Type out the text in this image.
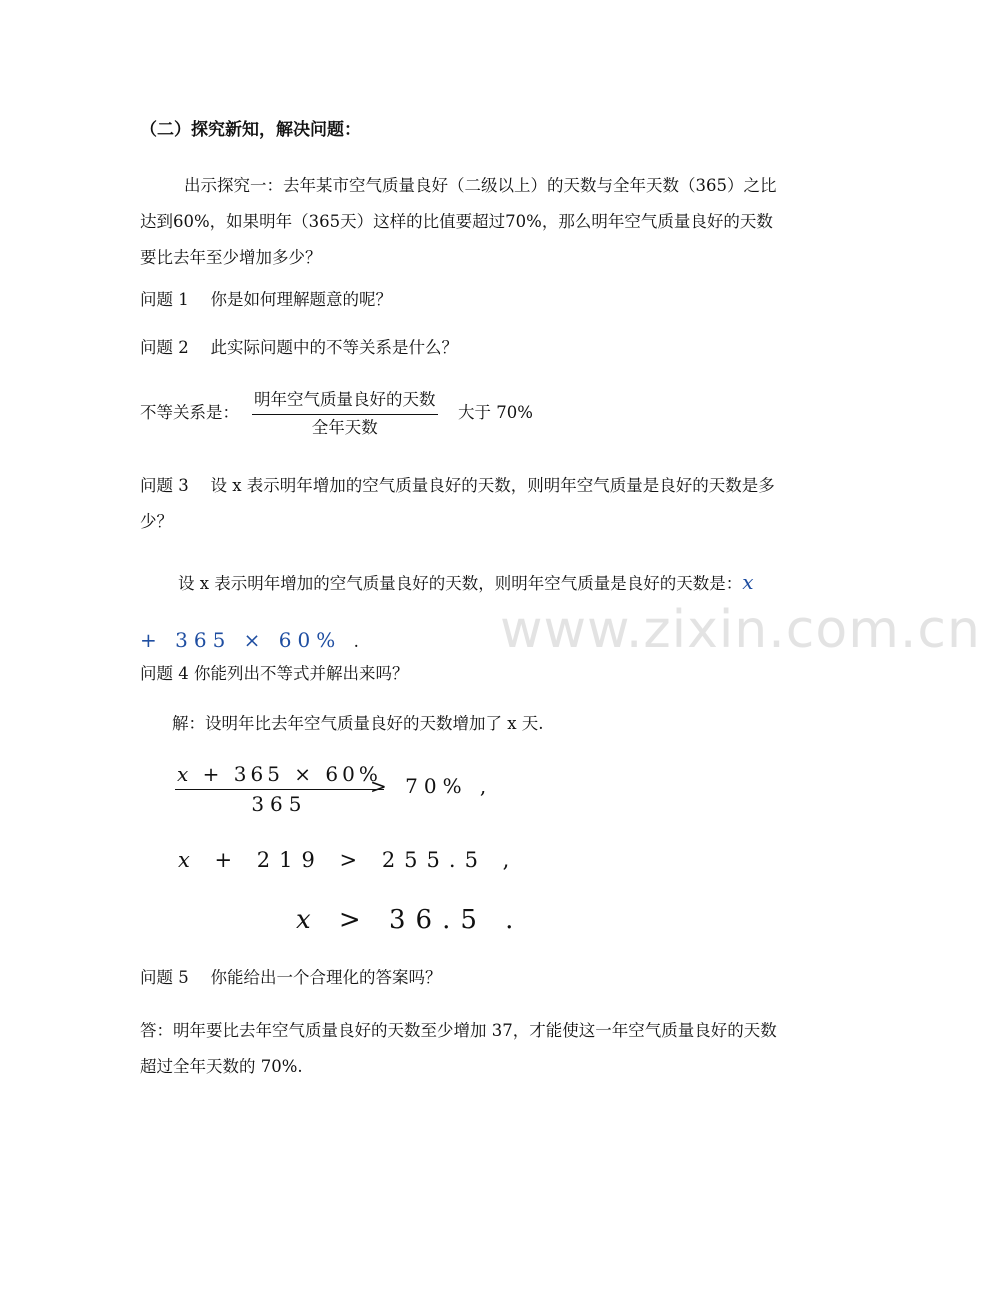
www.zixin.com.cn
（二）探究新知，解决问题：
出示探究一：去年某市空气质量良好（二级以上）的天数与全年天数（365）之比达到60%，如果明年（365天）这样的比值要超过70%，那么明年空气质量良好的天数要比去年至少增加多少？
问题 1 　你是如何理解题意的呢？
问题 2 　此实际问题中的不等关系是什么？
不等关系是：
明年空气质量良好的天数
全年天数
大于 70%
问题 3 　设 x 表示明年增加的空气质量良好的天数，则明年空气质量是良好的天数是多少？
设 x 表示明年增加的空气质量良好的天数，则明年空气质量是良好的天数是：x + 365 × 60% .
问题 4 你能列出不等式并解出来吗？
解：设明年比去年空气质量良好的天数增加了 x 天.
x + 365 × 60%
365
> 70% ,
x + 219 > 255.5 ,
x > 36.5 .
问题 5 　你能给出一个合理化的答案吗？
答：明年要比去年空气质量良好的天数至少增加 37，才能使这一年空气质量良好的天数超过全年天数的 70%.
